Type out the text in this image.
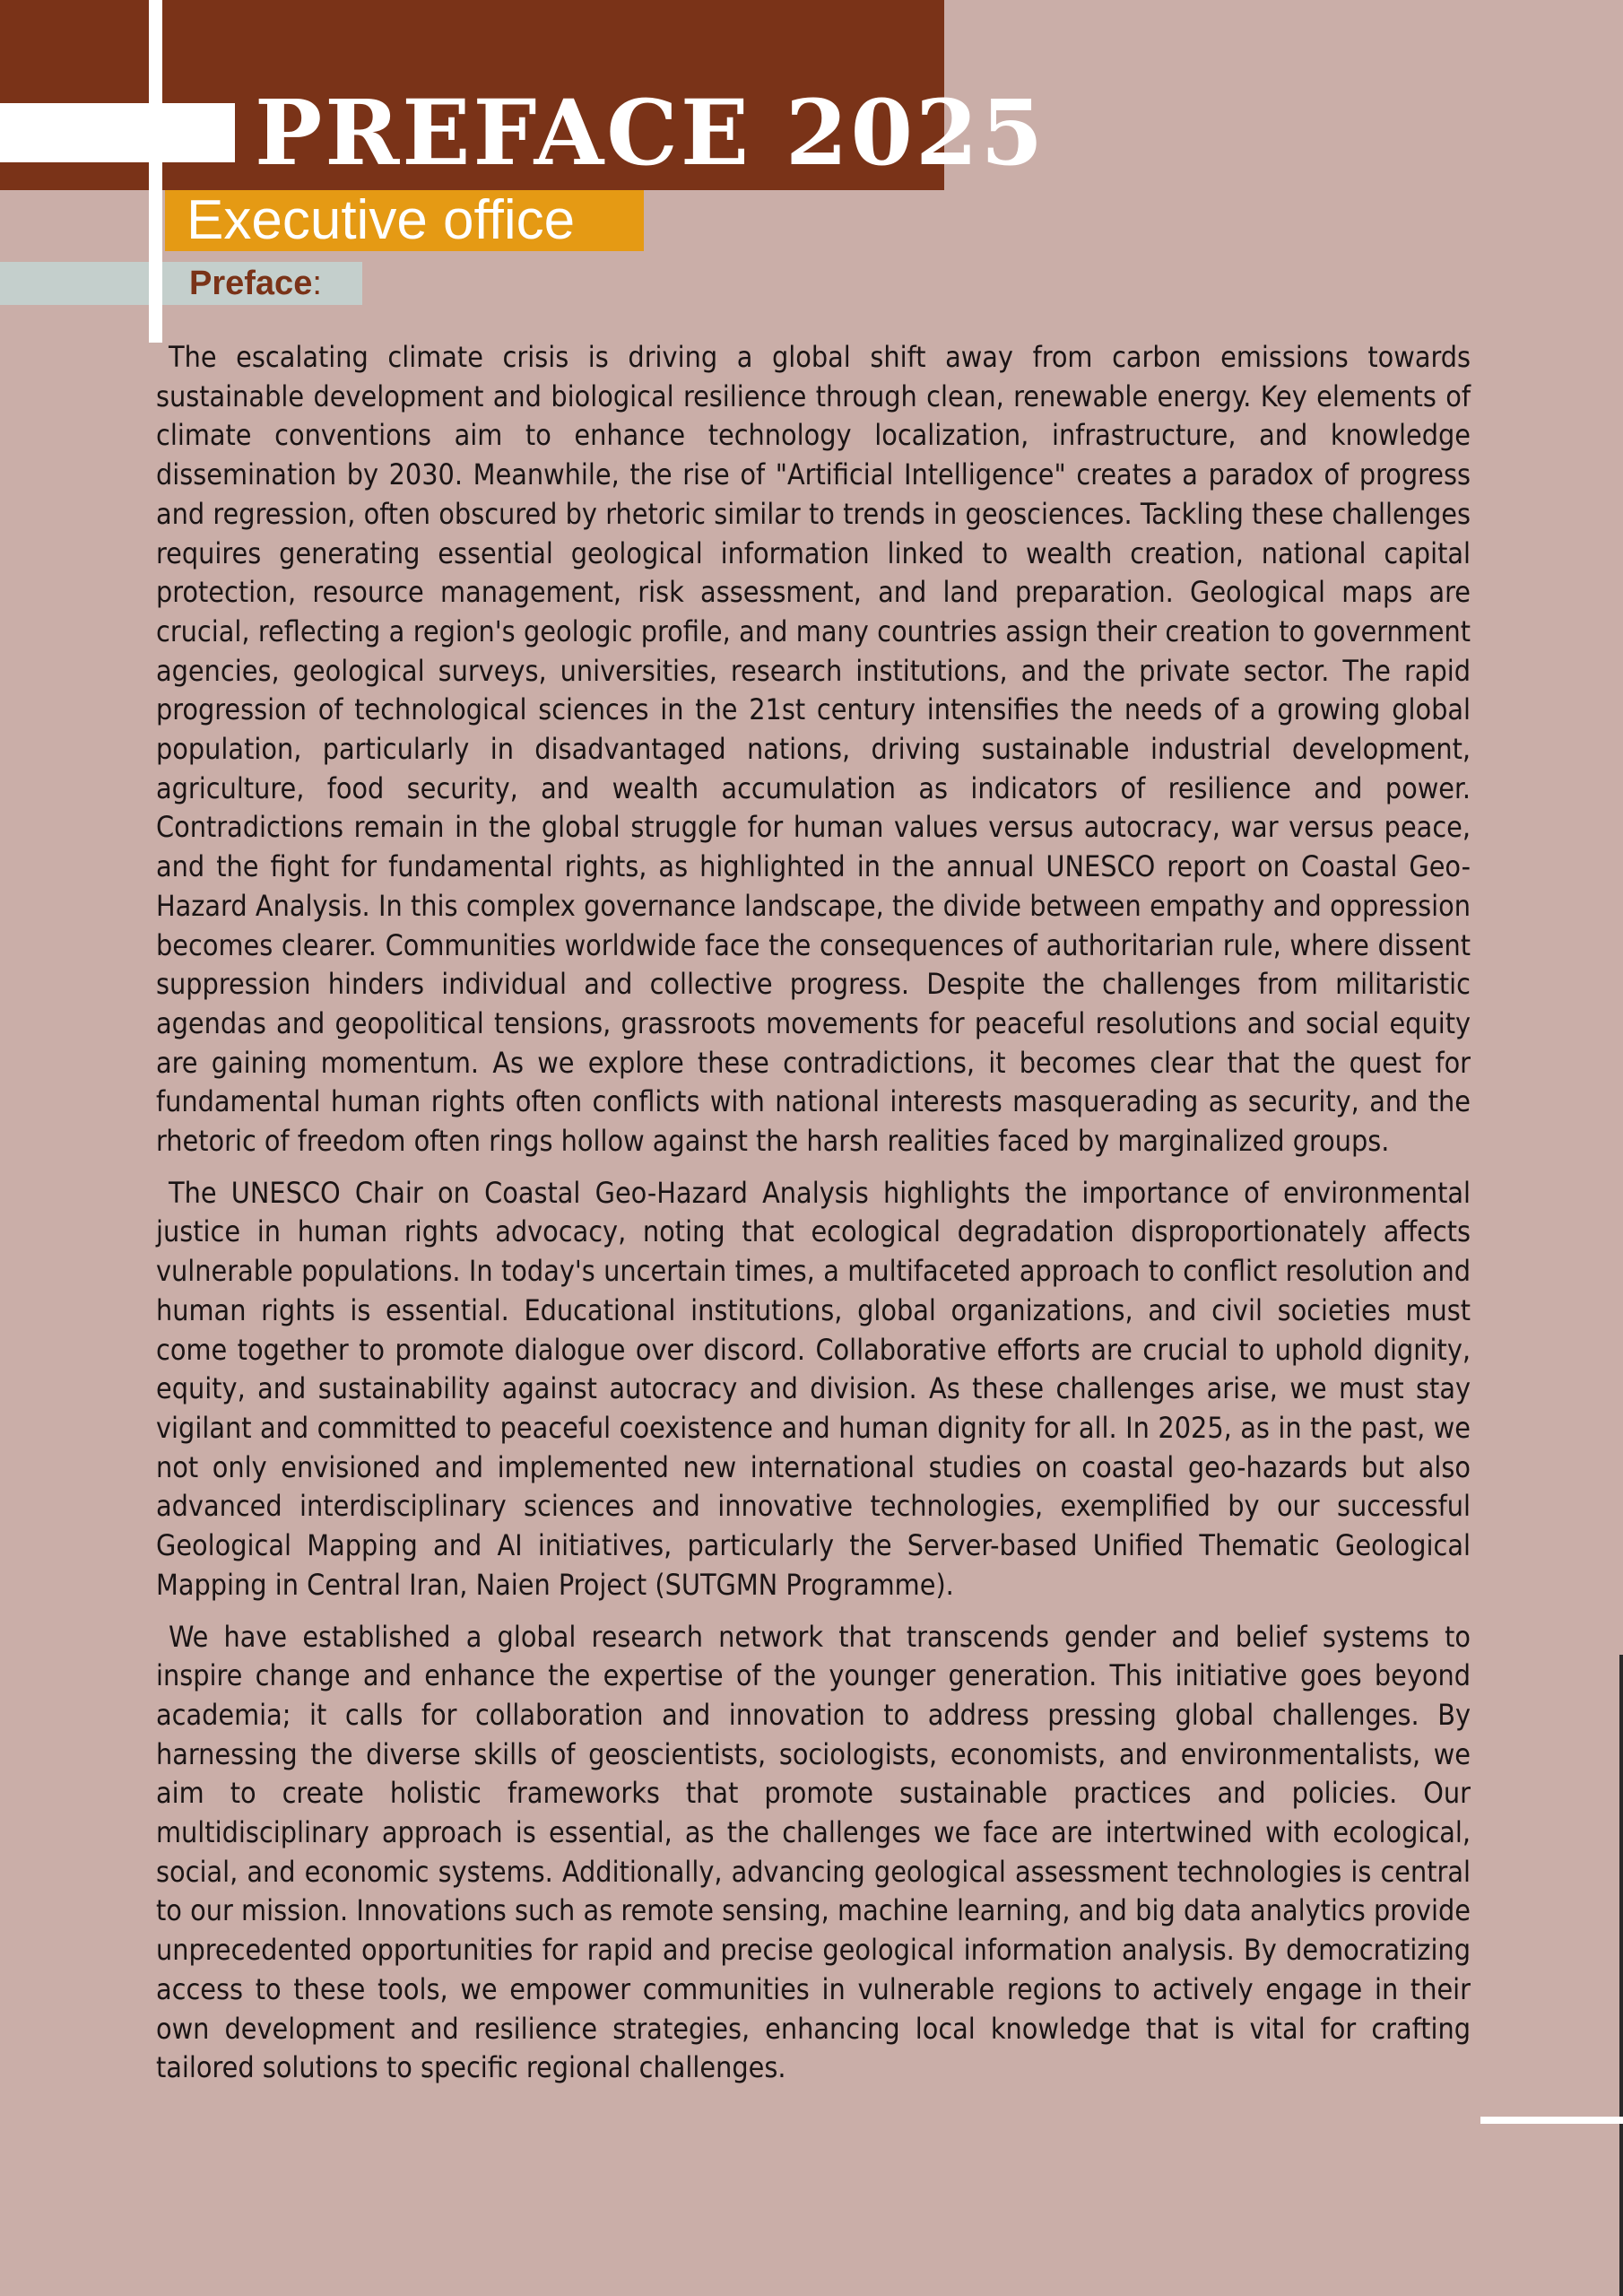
PREFACE 2025
Executive office
Preface:

The escalating climate crisis is driving a global shift away from carbon emissions towards sustainable development and biological resilience through clean, renewable energy. Key elements of climate conventions aim to enhance technology localization, infrastructure, and knowledge dissemination by 2030. Meanwhile, the rise of "Artificial Intelligence" creates a paradox of progress and regression, often obscured by rhetoric similar to trends in geosciences. Tackling these challenges requires generating essential geological information linked to wealth creation, national capital protection, resource management, risk assessment, and land preparation. Geological maps are crucial, reflecting a region's geologic profile, and many countries assign their creation to government agencies, geological surveys, universities, research institutions, and the private sector. The rapid progression of technological sciences in the 21st century intensifies the needs of a growing global population, particularly in disadvantaged nations, driving sustainable industrial development, agriculture, food security, and wealth accumulation as indicators of resilience and power. Contradictions remain in the global struggle for human values versus autocracy, war versus peace, and the fight for fundamental rights, as highlighted in the annual UNESCO report on Coastal Geo-Hazard Analysis. In this complex governance landscape, the divide between empathy and oppression becomes clearer. Communities worldwide face the consequences of authoritarian rule, where dissent suppression hinders individual and collective progress. Despite the challenges from militaristic agendas and geopolitical tensions, grassroots movements for peaceful resolutions and social equity are gaining momentum. As we explore these contradictions, it becomes clear that the quest for fundamental human rights often conflicts with national interests masquerading as security, and the rhetoric of freedom often rings hollow against the harsh realities faced by marginalized groups.

The UNESCO Chair on Coastal Geo-Hazard Analysis highlights the importance of environmental justice in human rights advocacy, noting that ecological degradation disproportionately affects vulnerable populations. In today's uncertain times, a multifaceted approach to conflict resolution and human rights is essential. Educational institutions, global organizations, and civil societies must come together to promote dialogue over discord. Collaborative efforts are crucial to uphold dignity, equity, and sustainability against autocracy and division. As these challenges arise, we must stay vigilant and committed to peaceful coexistence and human dignity for all. In 2025, as in the past, we not only envisioned and implemented new international studies on coastal geo-hazards but also advanced interdisciplinary sciences and innovative technologies, exemplified by our successful Geological Mapping and AI initiatives, particularly the Server-based Unified Thematic Geological Mapping in Central Iran, Naien Project (SUTGMN Programme).

We have established a global research network that transcends gender and belief systems to inspire change and enhance the expertise of the younger generation. This initiative goes beyond academia; it calls for collaboration and innovation to address pressing global challenges. By harnessing the diverse skills of geoscientists, sociologists, economists, and environmentalists, we aim to create holistic frameworks that promote sustainable practices and policies. Our multidisciplinary approach is essential, as the challenges we face are intertwined with ecological, social, and economic systems. Additionally, advancing geological assessment technologies is central to our mission. Innovations such as remote sensing, machine learning, and big data analytics provide unprecedented opportunities for rapid and precise geological information analysis. By democratizing access to these tools, we empower communities in vulnerable regions to actively engage in their own development and resilience strategies, enhancing local knowledge that is vital for crafting tailored solutions to specific regional challenges.
